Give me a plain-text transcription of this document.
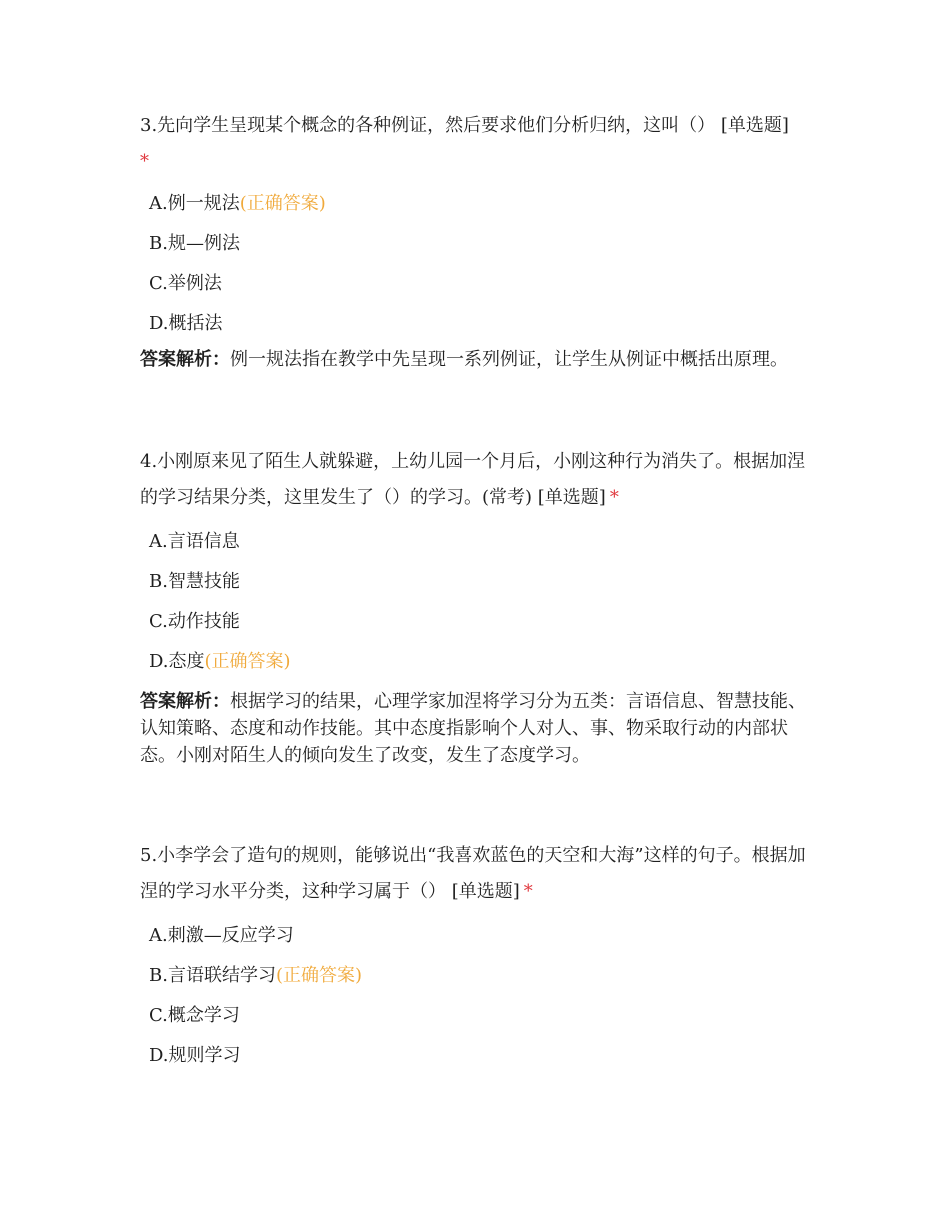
3.先向学生呈现某个概念的各种例证，然后要求他们分析归纳，这叫（） [单选题]
*

A.例一规法(正确答案)
B.规—例法
C.举例法
D.概括法

答案解析：例一规法指在教学中先呈现一系列例证，让学生从例证中概括出原理。

4.小刚原来见了陌生人就躲避，上幼儿园一个月后，小刚这种行为消失了。根据加涅的学习结果分类，这里发生了（）的学习。(常考) [单选题] *

A.言语信息
B.智慧技能
C.动作技能
D.态度(正确答案)

答案解析：根据学习的结果，心理学家加涅将学习分为五类：言语信息、智慧技能、认知策略、态度和动作技能。其中态度指影响个人对人、事、物采取行动的内部状态。小刚对陌生人的倾向发生了改变，发生了态度学习。

5.小李学会了造句的规则，能够说出“我喜欢蓝色的天空和大海”这样的句子。根据加涅的学习水平分类，这种学习属于（） [单选题] *

A.刺激—反应学习
B.言语联结学习(正确答案)
C.概念学习
D.规则学习
